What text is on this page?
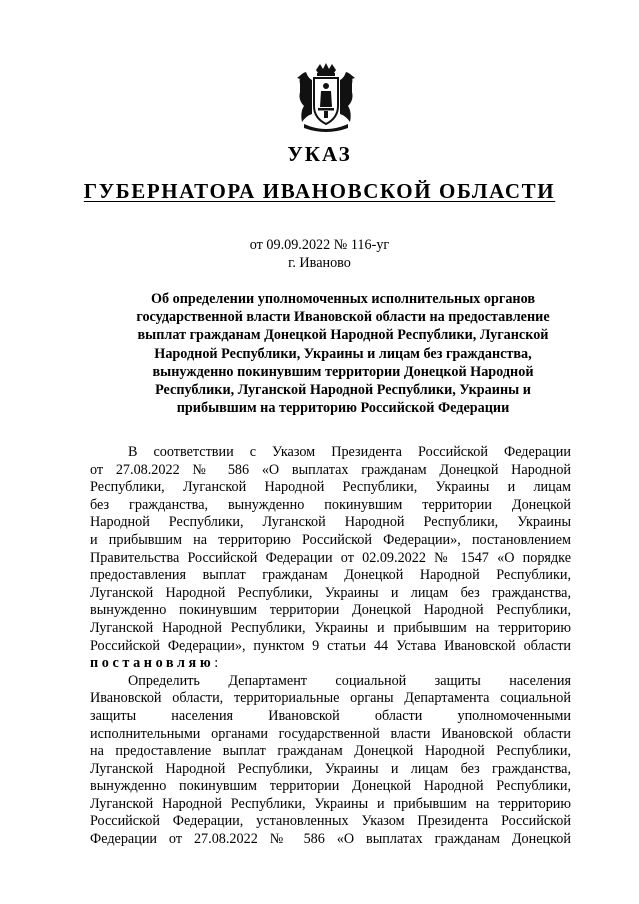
УКАЗ
ГУБЕРНАТОРА ИВАНОВСКОЙ ОБЛАСТИ
от 09.09.2022 № 116-уг
г. Иваново
Об определении уполномоченных исполнительных органов
государственной власти Ивановской области на предоставление
выплат гражданам Донецкой Народной Республики, Луганской
Народной Республики, Украины и лицам без гражданства,
вынужденно покинувшим территории Донецкой Народной
Республики, Луганской Народной Республики, Украины и
прибывшим на территорию Российской Федерации
В соответствии с Указом Президента Российской Федерации
от 27.08.2022 № 586 «О выплатах гражданам Донецкой Народной
Республики, Луганской Народной Республики, Украины и лицам
без гражданства, вынужденно покинувшим территории Донецкой
Народной Республики, Луганской Народной Республики, Украины
и прибывшим на территорию Российской Федерации», постановлением
Правительства Российской Федерации от 02.09.2022 № 1547 «О порядке
предоставления выплат гражданам Донецкой Народной Республики,
Луганской Народной Республики, Украины и лицам без гражданства,
вынужденно покинувшим территории Донецкой Народной Республики,
Луганской Народной Республики, Украины и прибывшим на территорию
Российской Федерации», пунктом 9 статьи 44 Устава Ивановской области
постановляю:
Определить Департамент социальной защиты населения
Ивановской области, территориальные органы Департамента социальной
защиты населения Ивановской области уполномоченными
исполнительными органами государственной власти Ивановской области
на предоставление выплат гражданам Донецкой Народной Республики,
Луганской Народной Республики, Украины и лицам без гражданства,
вынужденно покинувшим территории Донецкой Народной Республики,
Луганской Народной Республики, Украины и прибывшим на территорию
Российской Федерации, установленных Указом Президента Российской
Федерации от 27.08.2022 № 586 «О выплатах гражданам Донецкой
